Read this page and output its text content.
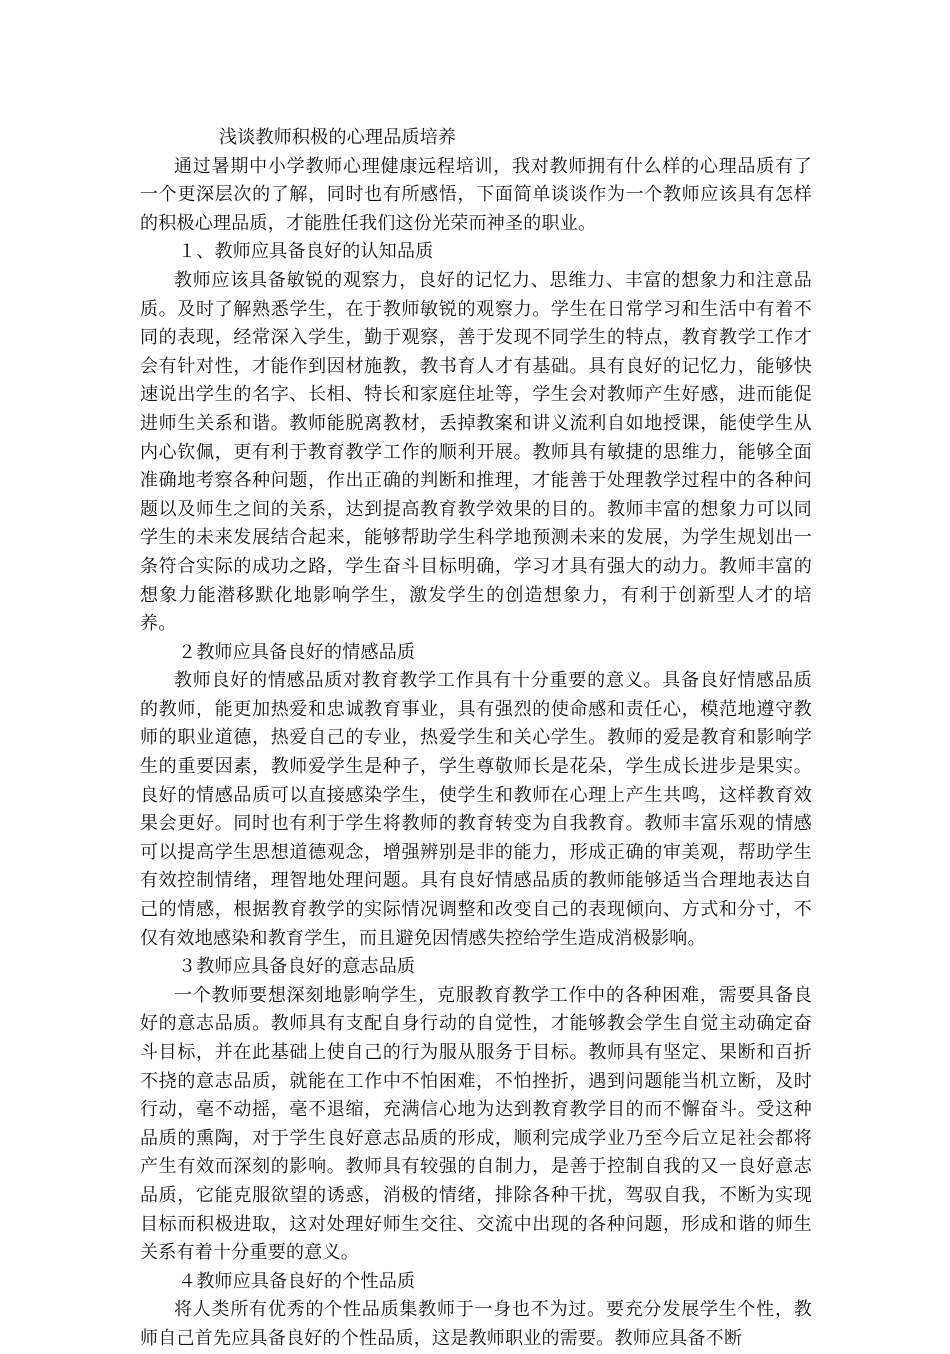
浅谈教师积极的心理品质培养

通过暑期中小学教师心理健康远程培训，我对教师拥有什么样的心理品质有了一个更深层次的了解，同时也有所感悟，下面简单谈谈作为一个教师应该具有怎样的积极心理品质，才能胜任我们这份光荣而神圣的职业。

１、教师应具备良好的认知品质

教师应该具备敏锐的观察力，良好的记忆力、思维力、丰富的想象力和注意品质。及时了解熟悉学生，在于教师敏锐的观察力。学生在日常学习和生活中有着不同的表现，经常深入学生，勤于观察，善于发现不同学生的特点，教育教学工作才会有针对性，才能作到因材施教，教书育人才有基础。具有良好的记忆力，能够快速说出学生的名字、长相、特长和家庭住址等，学生会对教师产生好感，进而能促进师生关系和谐。教师能脱离教材，丢掉教案和讲义流利自如地授课，能使学生从内心钦佩，更有利于教育教学工作的顺利开展。教师具有敏捷的思维力，能够全面准确地考察各种问题，作出正确的判断和推理，才能善于处理教学过程中的各种问题以及师生之间的关系，达到提高教育教学效果的目的。教师丰富的想象力可以同学生的未来发展结合起来，能够帮助学生科学地预测未来的发展，为学生规划出一条符合实际的成功之路，学生奋斗目标明确，学习才具有强大的动力。教师丰富的想象力能潜移默化地影响学生，激发学生的创造想象力，有利于创新型人才的培养。

２教师应具备良好的情感品质

教师良好的情感品质对教育教学工作具有十分重要的意义。具备良好情感品质的教师，能更加热爱和忠诚教育事业，具有强烈的使命感和责任心，模范地遵守教师的职业道德，热爱自己的专业，热爱学生和关心学生。教师的爱是教育和影响学生的重要因素，教师爱学生是种子，学生尊敬师长是花朵，学生成长进步是果实。良好的情感品质可以直接感染学生，使学生和教师在心理上产生共鸣，这样教育效果会更好。同时也有利于学生将教师的教育转变为自我教育。教师丰富乐观的情感可以提高学生思想道德观念，增强辨别是非的能力，形成正确的审美观，帮助学生有效控制情绪，理智地处理问题。具有良好情感品质的教师能够适当合理地表达自己的情感，根据教育教学的实际情况调整和改变自己的表现倾向、方式和分寸，不仅有效地感染和教育学生，而且避免因情感失控给学生造成消极影响。

３教师应具备良好的意志品质

一个教师要想深刻地影响学生，克服教育教学工作中的各种困难，需要具备良好的意志品质。教师具有支配自身行动的自觉性，才能够教会学生自觉主动确定奋斗目标，并在此基础上使自己的行为服从服务于目标。教师具有坚定、果断和百折不挠的意志品质，就能在工作中不怕困难，不怕挫折，遇到问题能当机立断，及时行动，毫不动摇，毫不退缩，充满信心地为达到教育教学目的而不懈奋斗。受这种品质的熏陶，对于学生良好意志品质的形成，顺利完成学业乃至今后立足社会都将产生有效而深刻的影响。教师具有较强的自制力，是善于控制自我的又一良好意志品质，它能克服欲望的诱惑，消极的情绪，排除各种干扰，驾驭自我，不断为实现目标而积极进取，这对处理好师生交往、交流中出现的各种问题，形成和谐的师生关系有着十分重要的意义。

４教师应具备良好的个性品质

将人类所有优秀的个性品质集教师于一身也不为过。要充分发展学生个性，教师自己首先应具备良好的个性品质，这是教师职业的需要。教师应具备不断
